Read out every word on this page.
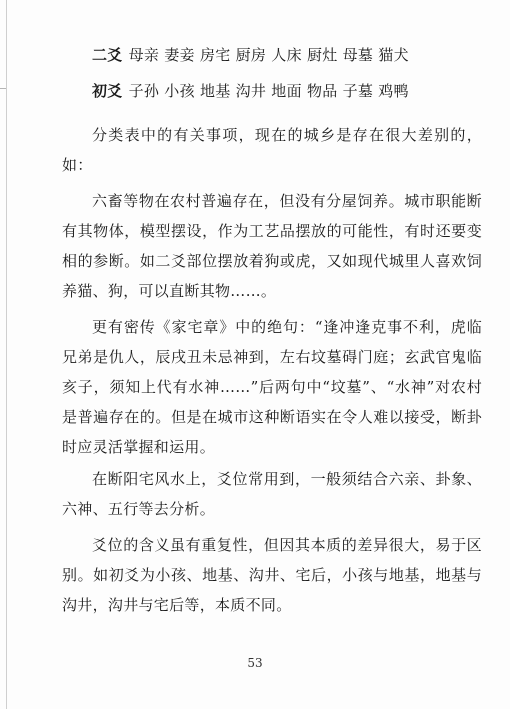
二爻 母亲 妻妾 房宅 厨房 人床 厨灶 母墓 猫犬

初爻 子孙 小孩 地基 沟井 地面 物品 子墓 鸡鸭

分类表中的有关事项，现在的城乡是存在很大差别的，如：

六畜等物在农村普遍存在，但没有分屋饲养。城市职能断有其物体，模型摆设，作为工艺品摆放的可能性，有时还要变相的参断。如二爻部位摆放着狗或虎，又如现代城里人喜欢饲养猫、狗，可以直断其物……。

更有密传《家宅章》中的绝句：“逢冲逢克事不利，虎临兄弟是仇人，辰戌丑未忌神到，左右坟墓碍门庭；玄武官鬼临亥子，须知上代有水神……”后两句中“坟墓”、“水神”对农村是普遍存在的。但是在城市这种断语实在令人难以接受，断卦时应灵活掌握和运用。

在断阳宅风水上，爻位常用到，一般须结合六亲、卦象、六神、五行等去分析。

爻位的含义虽有重复性，但因其本质的差异很大，易于区别。如初爻为小孩、地基、沟井、宅后，小孩与地基，地基与沟井，沟井与宅后等，本质不同。

53
